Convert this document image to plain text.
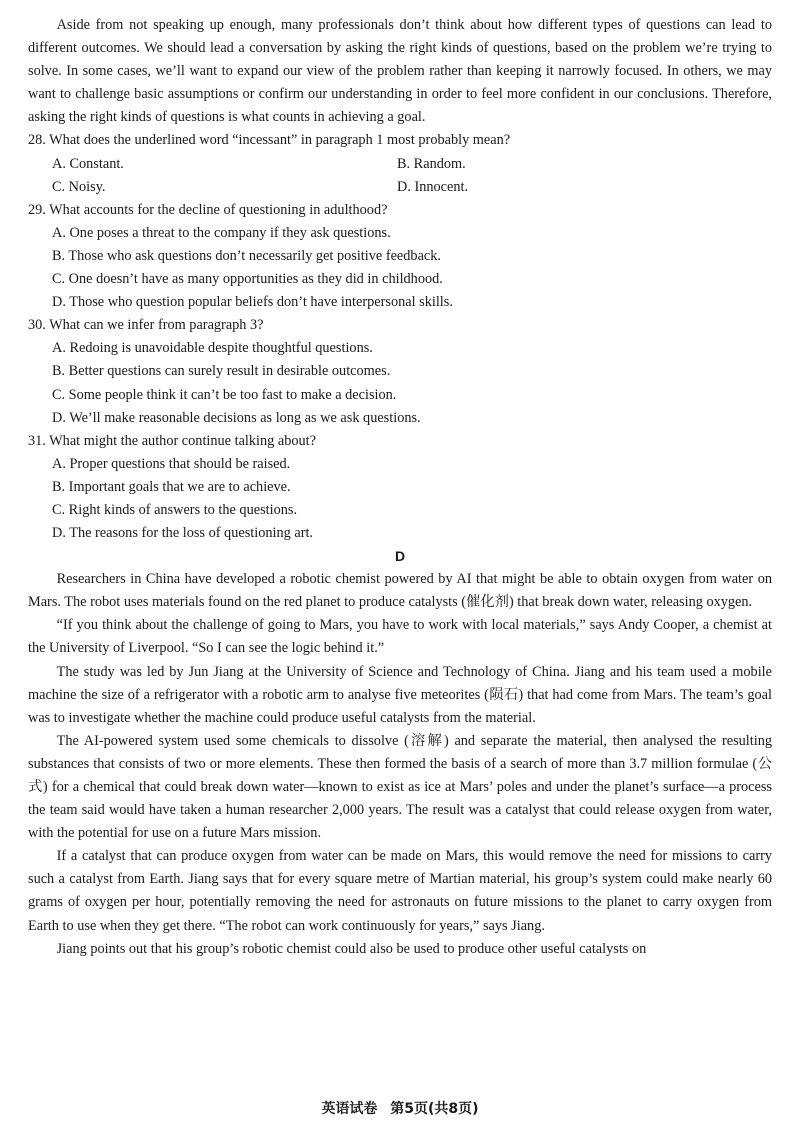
Aside from not speaking up enough, many professionals don’t think about how different types of questions can lead to different outcomes. We should lead a conversation by asking the right kinds of questions, based on the problem we’re trying to solve. In some cases, we’ll want to expand our view of the problem rather than keeping it narrowly focused. In others, we may want to challenge basic assumptions or confirm our understanding in order to feel more confident in our conclusions. Therefore, asking the right kinds of questions is what counts in achieving a goal.

28. What does the underlined word “incessant” in paragraph 1 most probably mean?

A. Constant.	B. Random.
C. Noisy.	D. Innocent.

29. What accounts for the decline of questioning in adulthood?

A. One poses a threat to the company if they ask questions.

B. Those who ask questions don’t necessarily get positive feedback.

C. One doesn’t have as many opportunities as they did in childhood.

D. Those who question popular beliefs don’t have interpersonal skills.

30. What can we infer from paragraph 3?

A. Redoing is unavoidable despite thoughtful questions.

B. Better questions can surely result in desirable outcomes.

C. Some people think it can’t be too fast to make a decision.

D. We’ll make reasonable decisions as long as we ask questions.

31. What might the author continue talking about?

A. Proper questions that should be raised.

B. Important goals that we are to achieve.

C. Right kinds of answers to the questions.

D. The reasons for the loss of questioning art.

D

Researchers in China have developed a robotic chemist powered by AI that might be able to obtain oxygen from water on Mars. The robot uses materials found on the red planet to produce catalysts (催化剂) that break down water, releasing oxygen.

“If you think about the challenge of going to Mars, you have to work with local materials,” says Andy Cooper, a chemist at the University of Liverpool. “So I can see the logic behind it.”

The study was led by Jun Jiang at the University of Science and Technology of China. Jiang and his team used a mobile machine the size of a refrigerator with a robotic arm to analyse five meteorites (陨石) that had come from Mars. The team’s goal was to investigate whether the machine could produce useful catalysts from the material.

The AI-powered system used some chemicals to dissolve (溶解) and separate the material, then analysed the resulting substances that consists of two or more elements. These then formed the basis of a search of more than 3.7 million formulae (公式) for a chemical that could break down water—known to exist as ice at Mars’ poles and under the planet’s surface—a process the team said would have taken a human researcher 2,000 years. The result was a catalyst that could release oxygen from water, with the potential for use on a future Mars mission.

If a catalyst that can produce oxygen from water can be made on Mars, this would remove the need for missions to carry such a catalyst from Earth. Jiang says that for every square metre of Martian material, his group’s system could make nearly 60 grams of oxygen per hour, potentially removing the need for astronauts on future missions to the planet to carry oxygen from Earth to use when they get there. “The robot can work continuously for years,” says Jiang.

Jiang points out that his group’s robotic chemist could also be used to produce other useful catalysts on

英语试卷 第5页(共8页)
